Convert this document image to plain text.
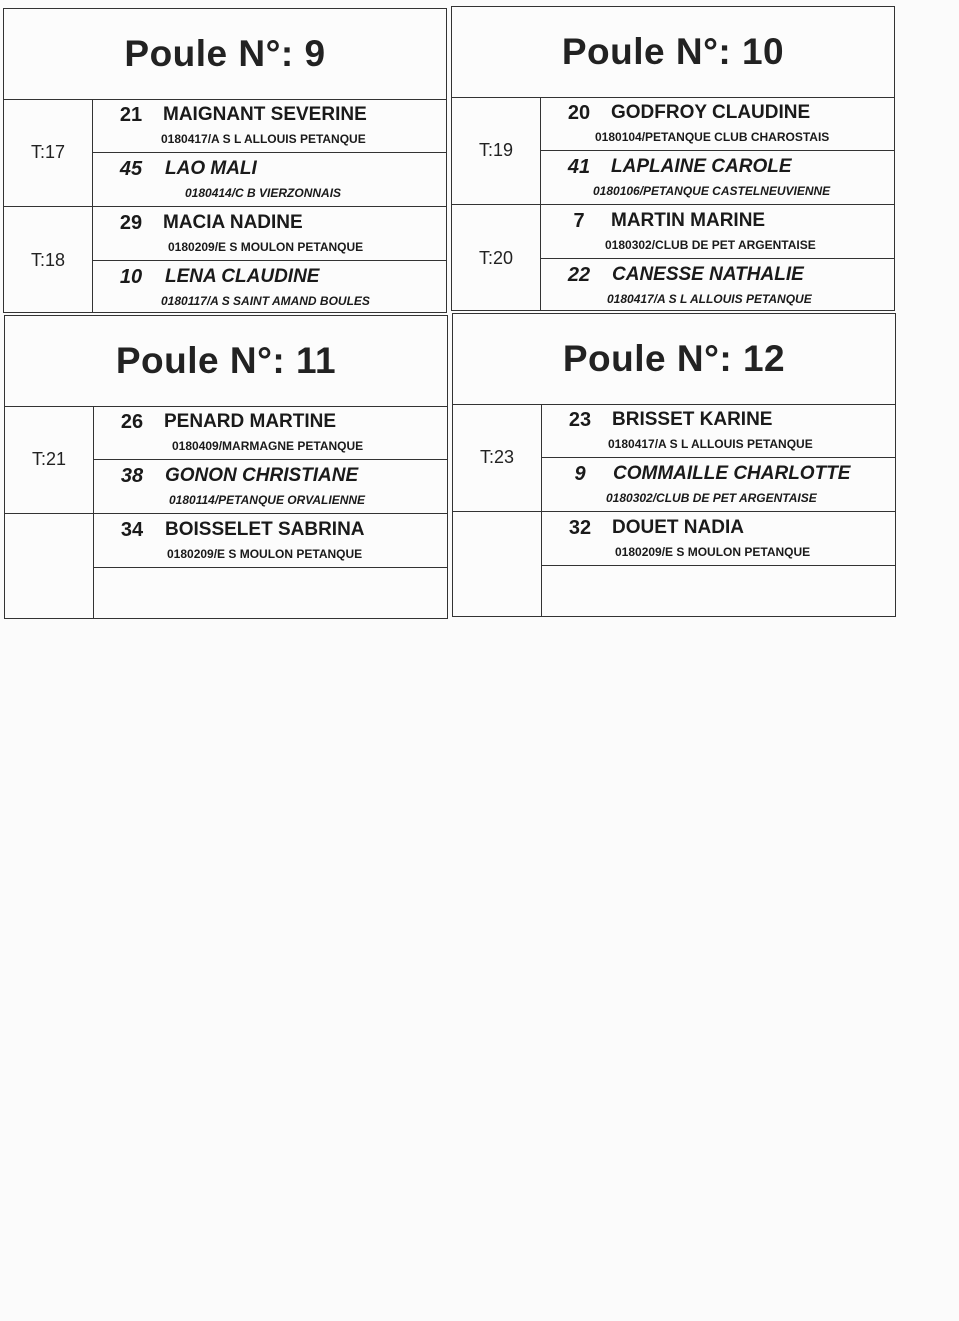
Poule N°: 9
T:17
21	MAIGNANT SEVERINE
0180417/A S L ALLOUIS PETANQUE
45	LAO MALI
0180414/C B VIERZONNAIS
T:18
29	MACIA NADINE
0180209/E S MOULON PETANQUE
10	LENA CLAUDINE
0180117/A S SAINT AMAND BOULES
Poule N°: 10
T:19
20	GODFROY CLAUDINE
0180104/PETANQUE CLUB CHAROSTAIS
41	LAPLAINE CAROLE
0180106/PETANQUE CASTELNEUVIENNE
T:20
7	MARTIN MARINE
0180302/CLUB DE PET ARGENTAISE
22	CANESSE NATHALIE
0180417/A S L ALLOUIS PETANQUE
Poule N°: 11
T:21
26	PENARD MARTINE
0180409/MARMAGNE PETANQUE
38	GONON CHRISTIANE
0180114/PETANQUE ORVALIENNE
34	BOISSELET SABRINA
0180209/E S MOULON PETANQUE
Poule N°: 12
T:23
23	BRISSET KARINE
0180417/A S L ALLOUIS PETANQUE
9	COMMAILLE CHARLOTTE
0180302/CLUB DE PET ARGENTAISE
32	DOUET NADIA
0180209/E S MOULON PETANQUE
